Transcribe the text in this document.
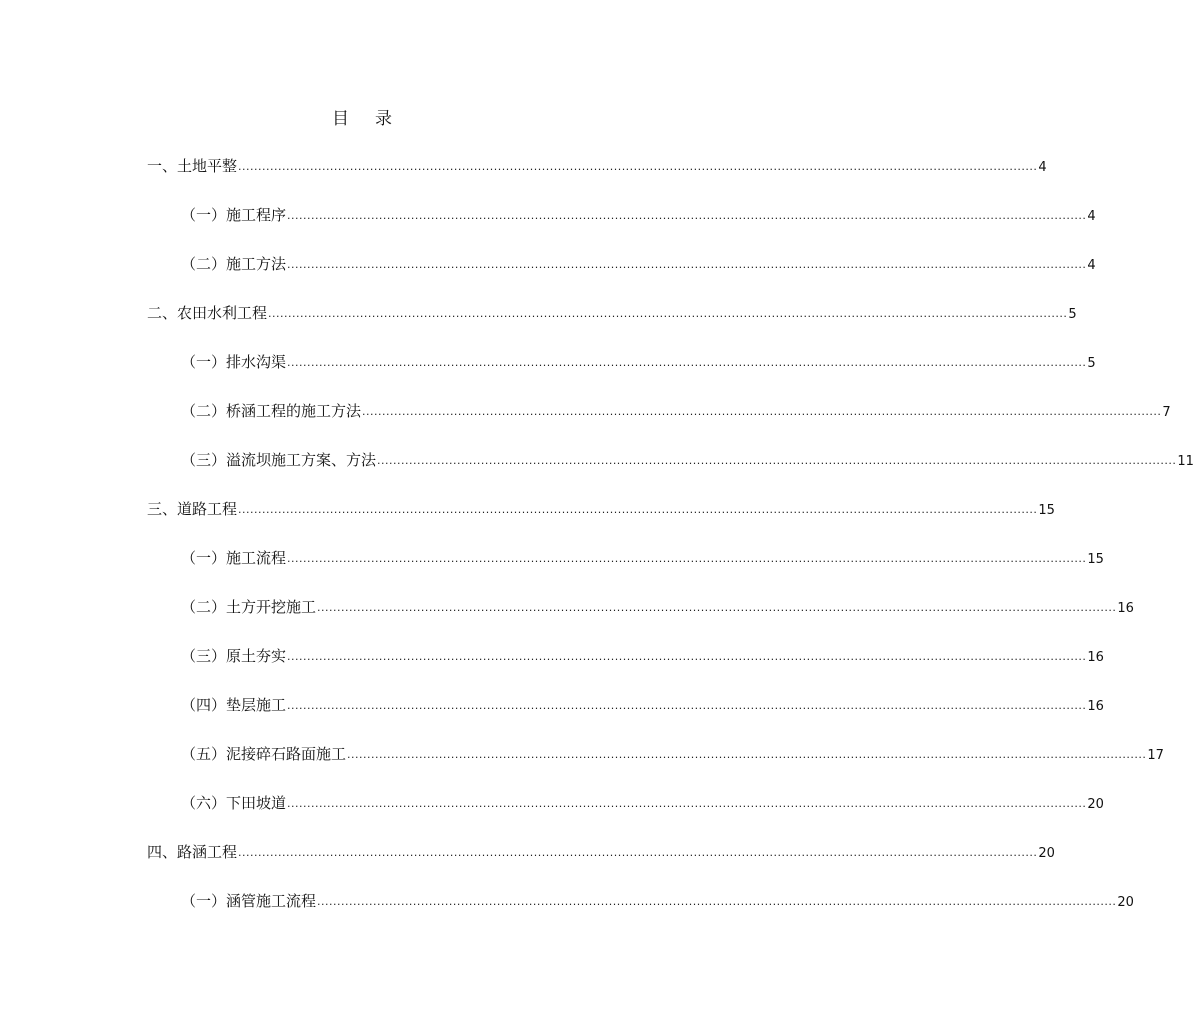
目 录
一、土地平整 ........................................................................................................................................................................................................ 4
（一）施工程序 ........................................................................................................................................................................................................ 4
（二）施工方法 ........................................................................................................................................................................................................ 4
二、农田水利工程 ........................................................................................................................................................................................................ 5
（一）排水沟渠 ........................................................................................................................................................................................................ 5
（二）桥涵工程的施工方法 ........................................................................................................................................................................................................ 7
（三）溢流坝施工方案、方法 ........................................................................................................................................................................................................ 11
三、道路工程 ........................................................................................................................................................................................................ 15
（一）施工流程 ........................................................................................................................................................................................................ 15
（二）土方开挖施工 ........................................................................................................................................................................................................ 16
（三）原土夯实 ........................................................................................................................................................................................................ 16
（四）垫层施工 ........................................................................................................................................................................................................ 16
（五）泥接碎石路面施工 ........................................................................................................................................................................................................ 17
（六）下田坡道 ........................................................................................................................................................................................................ 20
四、路涵工程 ........................................................................................................................................................................................................ 20
（一）涵管施工流程 ........................................................................................................................................................................................................ 20
